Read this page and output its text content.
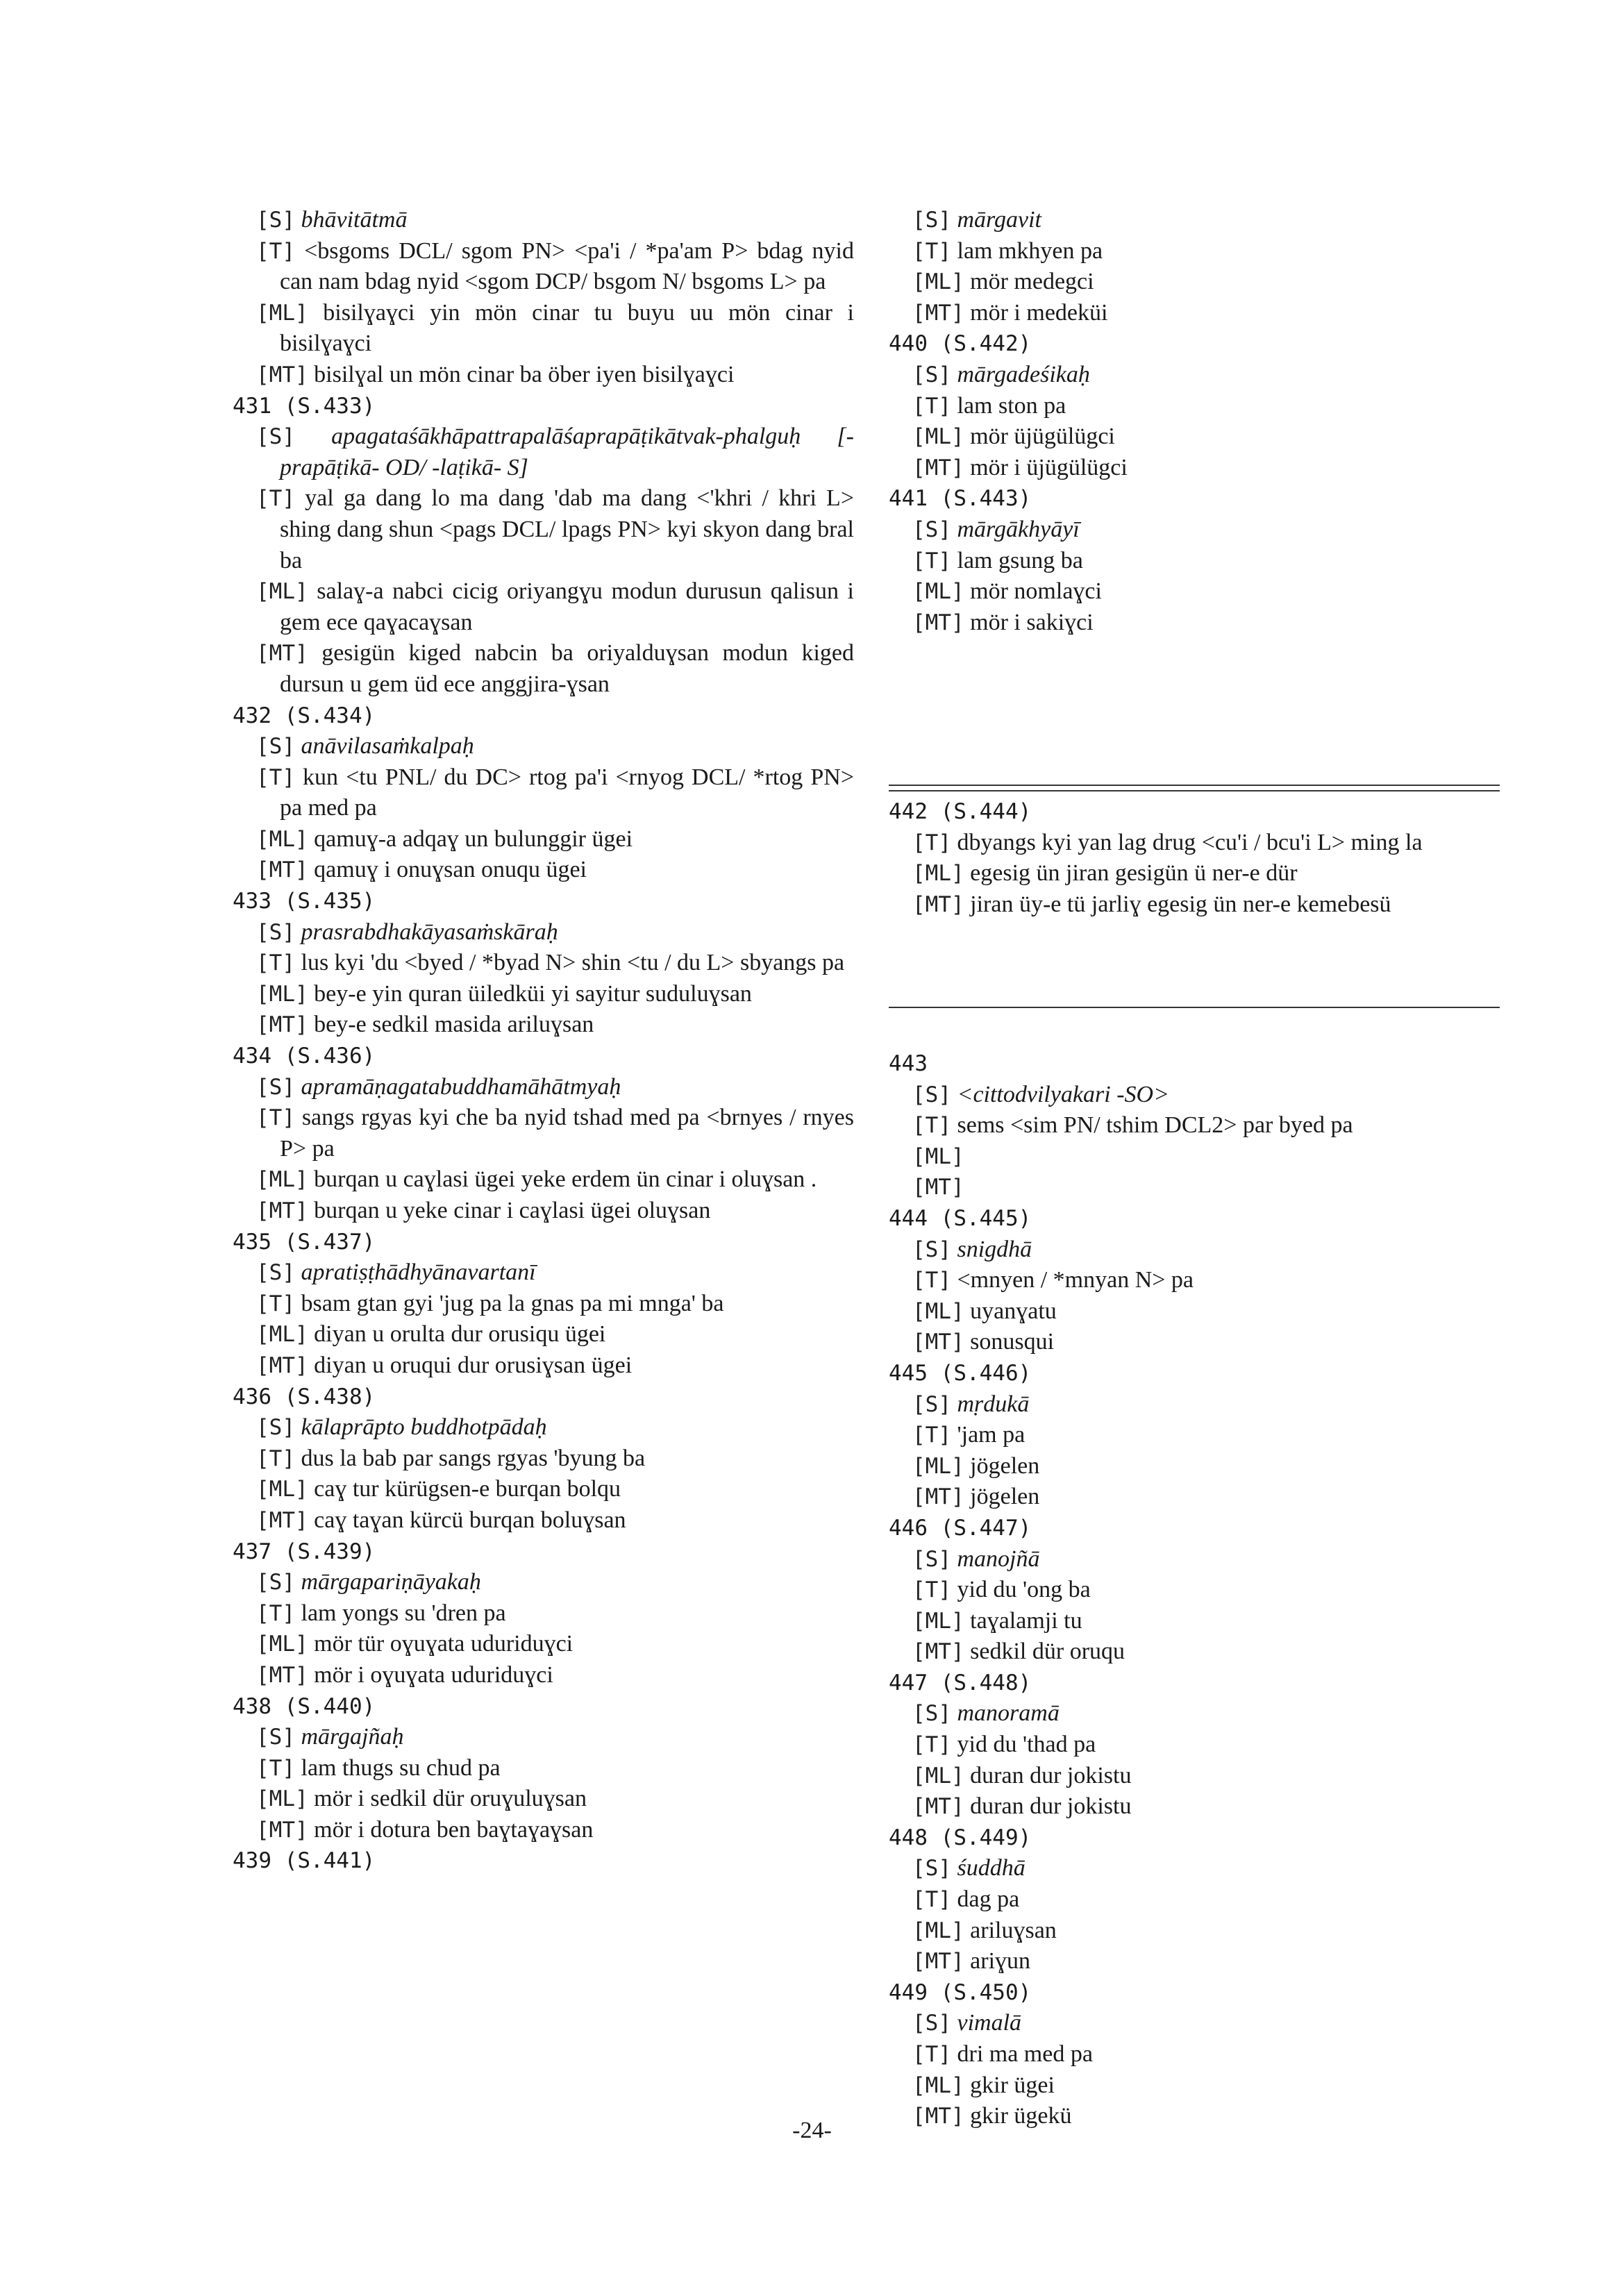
[S] bhāvitātmā
[T] <bsgoms DCL/ sgom PN> <pa'i / *pa'am P> bdag nyid can nam bdag nyid <sgom DCP/ bsgom N/ bsgoms L> pa
[ML] bisilɣaɣci yin mön cinar tu buyu uu mön cinar i bisilɣaɣci
[MT] bisilɣal un mön cinar ba öber iyen bisilɣaɣci
431 (S.433)
[S] apagataśākhāpattrapalāśaprapāṭikātvak-phalguḥ [-prapāṭikā- OD/ -laṭikā- S]
[T] yal ga dang lo ma dang 'dab ma dang <'khri / khri L> shing dang shun <pags DCL/ lpags PN> kyi skyon dang bral ba
[ML] salaɣ-a nabci cicig oriyangɣu modun durusun qalisun i gem ece qaɣacaɣsan
[MT] gesigün kiged nabcin ba oriyalduɣsan modun kiged dursun u gem üd ece anggjira-ɣsan
432 (S.434)
[S] anāvilasaṁkalpaḥ
[T] kun <tu PNL/ du DC> rtog pa'i <rnyog DCL/ *rtog PN> pa med pa
[ML] qamuɣ-a adqaɣ un bulunggir ügei
[MT] qamuɣ i onuɣsan onuqu ügei
433 (S.435)
[S] prasrabdhakāyasaṁskāraḥ
[T] lus kyi 'du <byed / *byad N> shin <tu / du L> sbyangs pa
[ML] bey-e yin quran üiledküi yi sayitur suduluɣsan
[MT] bey-e sedkil masida ariluɣsan
434 (S.436)
[S] apramāṇagatabuddhamāhātmyaḥ
[T] sangs rgyas kyi che ba nyid tshad med pa <brnyes / rnyes P> pa
[ML] burqan u caɣlasi ügei yeke erdem ün cinar i oluɣsan .
[MT] burqan u yeke cinar i caɣlasi ügei oluɣsan
435 (S.437)
[S] apratiṣṭhādhyānavartanī
[T] bsam gtan gyi 'jug pa la gnas pa mi mnga' ba
[ML] diyan u orulta dur orusiqu ügei
[MT] diyan u oruqui dur orusiɣsan ügei
436 (S.438)
[S] kālaprāpto buddhotpādaḥ
[T] dus la bab par sangs rgyas 'byung ba
[ML] caɣ tur kürügsen-e burqan bolqu
[MT] caɣ taɣan kürcü burqan boluɣsan
437 (S.439)
[S] mārgapariṇāyakaḥ
[T] lam yongs su 'dren pa
[ML] mör tür oɣuɣata uduriduɣci
[MT] mör i oɣuɣata uduriduɣci
438 (S.440)
[S] mārgajñaḥ
[T] lam thugs su chud pa
[ML] mör i sedkil dür oruɣuluɣsan
[MT] mör i dotura ben baɣtaɣaɣsan
439 (S.441)
[S] mārgavit
[T] lam mkhyen pa
[ML] mör medegci
[MT] mör i medeküi
440 (S.442)
[S] mārgadeśikaḥ
[T] lam ston pa
[ML] mör üjügülügci
[MT] mör i üjügülügci
441 (S.443)
[S] mārgākhyāyī
[T] lam gsung ba
[ML] mör nomlaɣci
[MT] mör i sakiɣci
442 (S.444)
[T] dbyangs kyi yan lag drug <cu'i / bcu'i L> ming la
[ML] egesig ün jiran gesigün ü ner-e dür
[MT] jiran üy-e tü jarliɣ egesig ün ner-e kemebesü
443
[S] <cittodvilyakari -SO>
[T] sems <sim PN/ tshim DCL2> par byed pa
[ML]
[MT]
444 (S.445)
[S] snigdhā
[T] <mnyen / *mnyan N> pa
[ML] uyanɣatu
[MT] sonusqui
445 (S.446)
[S] mṛdukā
[T] 'jam pa
[ML] jögelen
[MT] jögelen
446 (S.447)
[S] manojñā
[T] yid du 'ong ba
[ML] taɣalamji tu
[MT] sedkil dür oruqu
447 (S.448)
[S] manoramā
[T] yid du 'thad pa
[ML] duran dur jokistu
[MT] duran dur jokistu
448 (S.449)
[S] śuddhā
[T] dag pa
[ML] ariluɣsan
[MT] ariɣun
449 (S.450)
[S] vimalā
[T] dri ma med pa
[ML] gkir ügei
[MT] gkir ügekü
-24-
